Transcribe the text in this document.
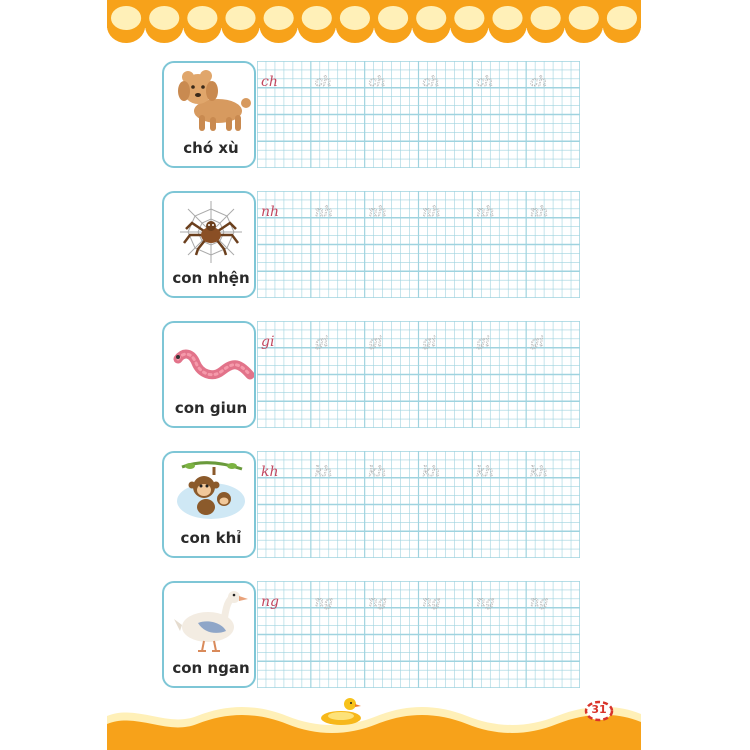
chó xù
ch	ch	ch	ch	ch	ch
con nhện
nh	nh	nh	nh	nh	nh
con giun
gi	gi	gi	gi	gi	gi
con khỉ
kh	kh	kh	kh	kh	kh
con ngan
ng	ng	ng	ng	ng	ng
31
